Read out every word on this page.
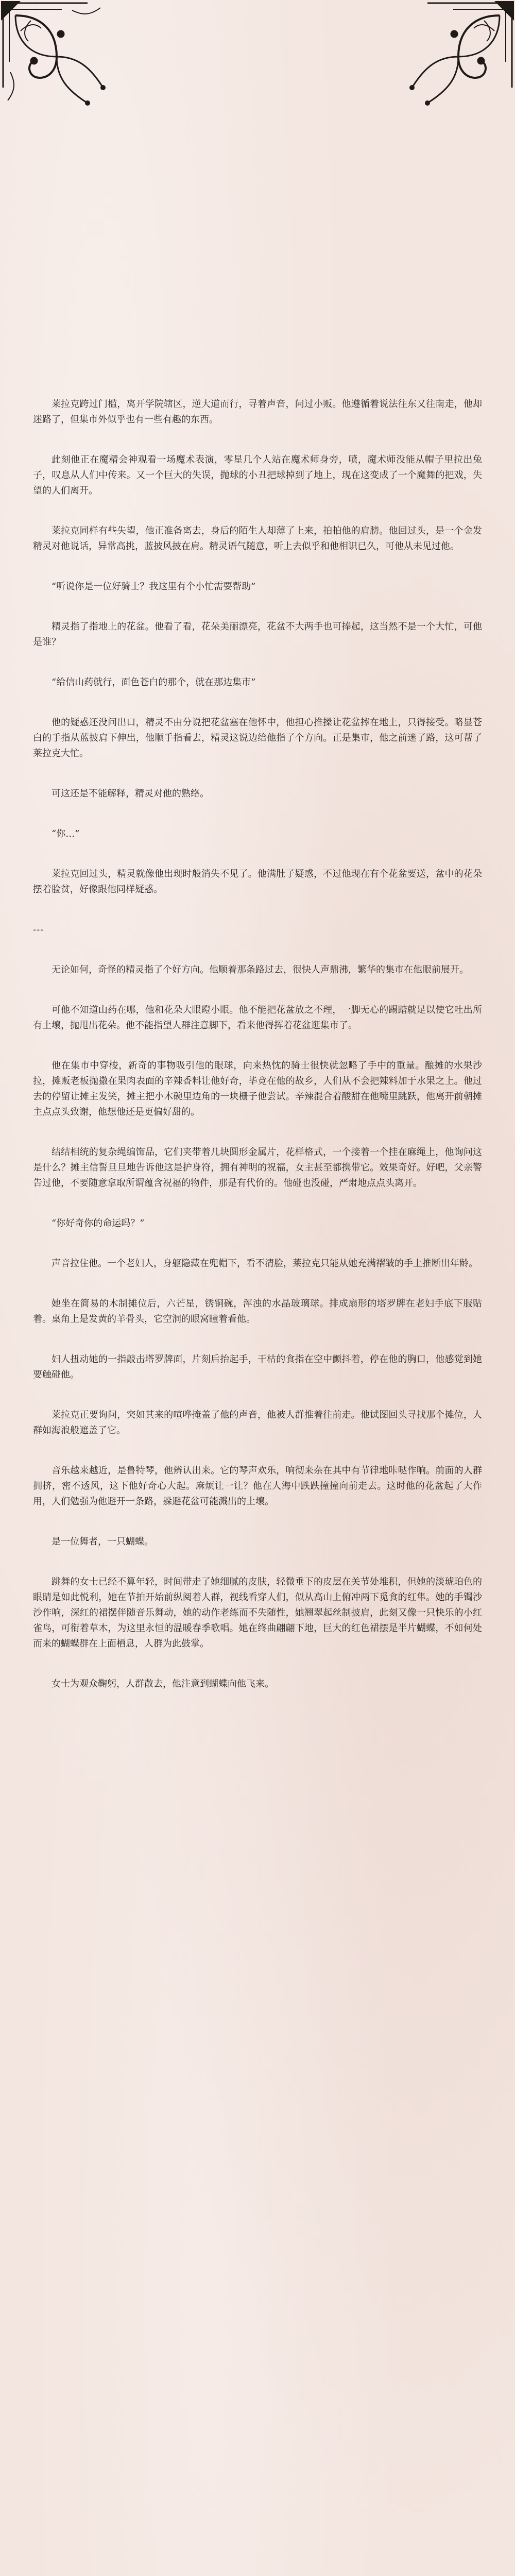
莱拉克跨过门槛，离开学院辖区，逆大道而行，寻着声音，问过小贩。他遵循着说法往东又往南走，他却迷路了，但集市外似乎也有一些有趣的东西。

此刻他正在魔精会神观看一场魔术表演，零星几个人站在魔术师身旁，喷，魔术师没能从帽子里拉出兔子，叹息从人们中传来。又一个巨大的失误，抛球的小丑把球掉到了地上，现在这变成了一个魔舞的把戏，失望的人们离开。

莱拉克同样有些失望，他正准备离去，身后的陌生人却薄了上来，拍拍他的肩膀。他回过头，是一个金发精灵对他说话，异常高挑，蓝披风披在肩。精灵语气随意，听上去似乎和他相识已久，可他从未见过他。

“听说你是一位好骑士？我这里有个小忙需要帮助”

精灵指了指地上的花盆。他看了看，花朵美丽漂亮，花盆不大两手也可捧起，这当然不是一个大忙，可他是谁？

“给信山药就行，面色苍白的那个，就在那边集市”

他的疑惑还没问出口，精灵不由分说把花盆塞在他怀中，他担心推搡让花盆摔在地上，只得接受。略显苍白的手指从蓝披肩下伸出，他顺手指看去，精灵这说边给他指了个方向。正是集市，他之前迷了路，这可帮了莱拉克大忙。

可这还是不能解释，精灵对他的熟络。

“你…”

莱拉克回过头，精灵就像他出现时般消失不见了。他满肚子疑惑，不过他现在有个花盆要送，盆中的花朵摆着脸贫，好像跟他同样疑惑。

---

无论如何，奇怪的精灵指了个好方向。他顺着那条路过去，很快人声鼎沸，繁华的集市在他眼前展开。

可他不知道山药在哪，他和花朵大眼瞪小眼。他不能把花盆放之不理，一脚无心的踢踏就足以使它吐出所有土壤，抛甩出花朵。他不能指望人群注意脚下，看来他得挥着花盆逛集市了。

他在集市中穿梭，新奇的事物吸引他的眼球，向来热忱的骑士很快就忽略了手中的重量。酿摊的水果沙拉，摊贩老板抛撒在果肉表面的辛辣香料让他好奇，毕竟在他的故乡，人们从不会把辣料加于水果之上。他过去的停留让摊主发笑，摊主把小木碗里边角的一块栅子他尝试。辛辣混合着酸甜在他嘴里跳跃，他离开前朝摊主点点头致谢，他想他还是更偏好甜的。

结结相统的复杂绳编饰品，它们夹带着几块圆形金属片，花样格式，一个接着一个挂在麻绳上，他询问这是什么？摊主信誓旦旦地告诉他这是护身符，拥有神明的祝福，女主甚至都携带它。效果奇好。好吧，父亲警告过他，不要随意拿取所谓蕴含祝福的物件，那是有代价的。他碰也没碰，严肃地点点头离开。

“你好奇你的命运吗？”

声音拉住他。一个老妇人，身躯隐藏在兜帽下，看不清脸，莱拉克只能从她充满褶皱的手上推断出年龄。

她坐在简易的木制摊位后，六芒星，锈铜碗，浑浊的水晶玻璃球。排成扇形的塔罗牌在老妇手底下服贴着。桌角上是发黄的羊骨头，它空洞的眼窝瞳着看他。

妇人扭动她的一指敲击塔罗牌面，片刻后抬起手，干枯的食指在空中颤抖着，停在他的胸口，他感觉到她要触碰他。

莱拉克正要询问，突如其来的喧哗掩盖了他的声音，他被人群推着往前走。他试图回头寻找那个摊位，人群如海浪般遮盖了它。

音乐越来越近，是鲁特琴，他辨认出来。它的琴声欢乐，响彻来杂在其中有节律地咔哒作响。前面的人群拥挤，密不透风，这下他好奇心大起。麻烦让一让？他在人海中跌跌撞撞向前走去。这时他的花盆起了大作用，人们勉强为他避开一条路，躲避花盆可能溅出的土壤。

是一位舞者，一只蝴蝶。

跳舞的女士已经不算年轻，时间带走了她细腻的皮肤，轻微垂下的皮层在关节处堆积，但她的淡琥珀色的眼睛是如此悦利，她在节拍开始前纵阅着人群，视线看穿人们，似从高山上俯冲两下觅食的红隼。她的手镯沙沙作响，深红的裙摆伴随音乐舞动，她的动作老练而不失随性，她翘翠起丝制披肩，此刻又像一只快乐的小红雀鸟，可衔着草木，为这里永恒的温暖春季歌唱。她在终曲翩翩下地，巨大的红色裙摆是半片蝴蝶，不如何处而来的蝴蝶群在上面栖息，人群为此鼓掌。

女士为观众鞠躬，人群散去，他注意到蝴蝶向他飞来。
